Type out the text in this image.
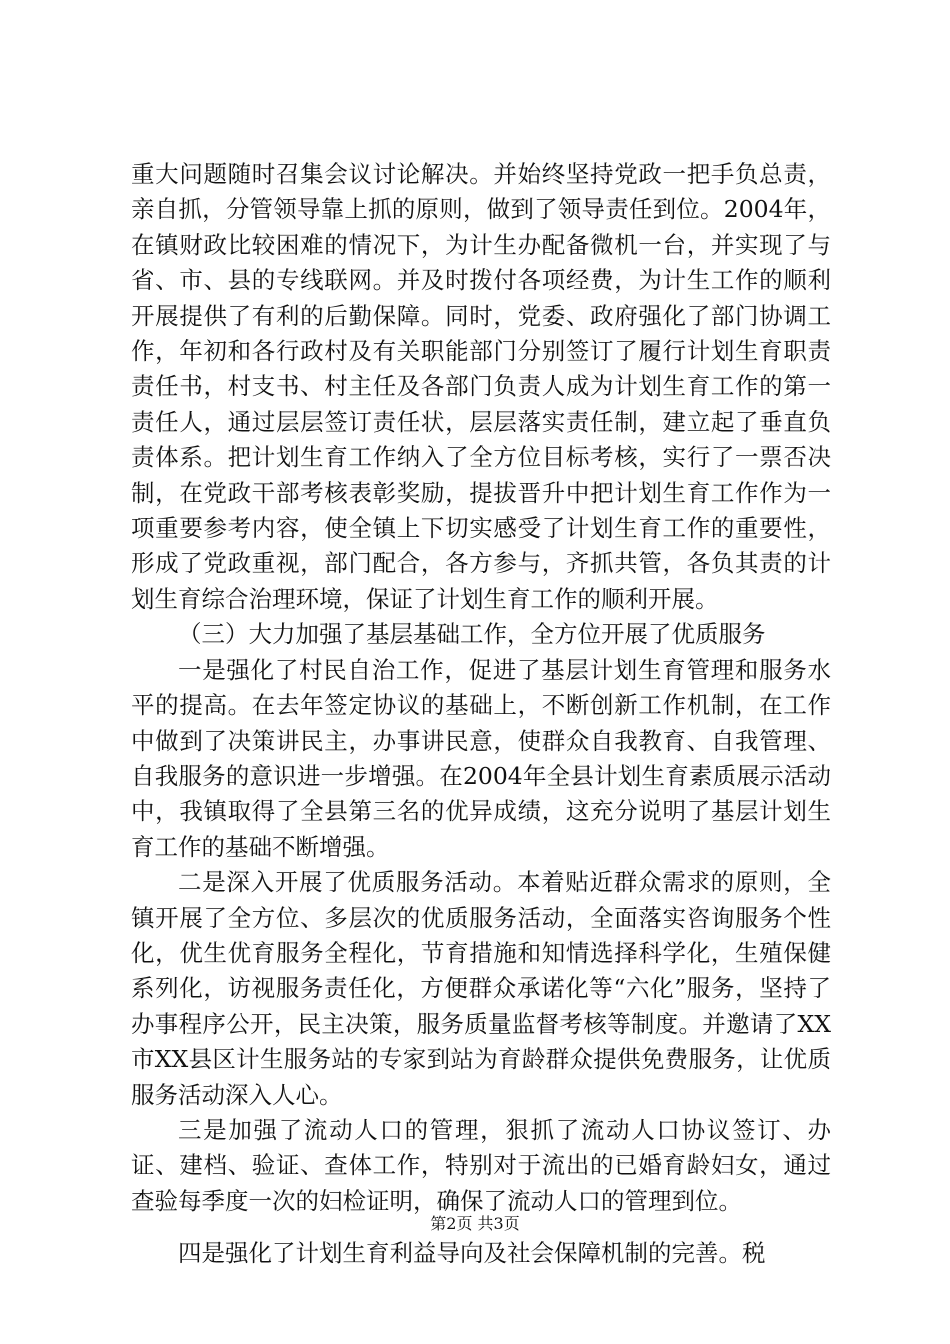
重大问题随时召集会议讨论解决。并始终坚持党政一把手负总责，亲自抓，分管领导靠上抓的原则，做到了领导责任到位。2004年，在镇财政比较困难的情况下，为计生办配备微机一台，并实现了与省、市、县的专线联网。并及时拨付各项经费，为计生工作的顺利开展提供了有利的后勤保障。同时，党委、政府强化了部门协调工作，年初和各行政村及有关职能部门分别签订了履行计划生育职责责任书，村支书、村主任及各部门负责人成为计划生育工作的第一责任人，通过层层签订责任状，层层落实责任制，建立起了垂直负责体系。把计划生育工作纳入了全方位目标考核，实行了一票否决制，在党政干部考核表彰奖励，提拔晋升中把计划生育工作作为一项重要参考内容，使全镇上下切实感受了计划生育工作的重要性，形成了党政重视，部门配合，各方参与，齐抓共管，各负其责的计划生育综合治理环境，保证了计划生育工作的顺利开展。

（三）大力加强了基层基础工作，全方位开展了优质服务

一是强化了村民自治工作，促进了基层计划生育管理和服务水平的提高。在去年签定协议的基础上，不断创新工作机制，在工作中做到了决策讲民主，办事讲民意，使群众自我教育、自我管理、自我服务的意识进一步增强。在2004年全县计划生育素质展示活动中，我镇取得了全县第三名的优异成绩，这充分说明了基层计划生育工作的基础不断增强。

二是深入开展了优质服务活动。本着贴近群众需求的原则，全镇开展了全方位、多层次的优质服务活动，全面落实咨询服务个性化，优生优育服务全程化，节育措施和知情选择科学化，生殖保健系列化，访视服务责任化，方便群众承诺化等“六化”服务，坚持了办事程序公开，民主决策，服务质量监督考核等制度。并邀请了XX市XX县区计生服务站的专家到站为育龄群众提供免费服务，让优质服务活动深入人心。

三是加强了流动人口的管理，狠抓了流动人口协议签订、办证、建档、验证、查体工作，特别对于流出的已婚育龄妇女，通过查验每季度一次的妇检证明，确保了流动人口的管理到位。

四是强化了计划生育利益导向及社会保障机制的完善。税

第2页 共3页
